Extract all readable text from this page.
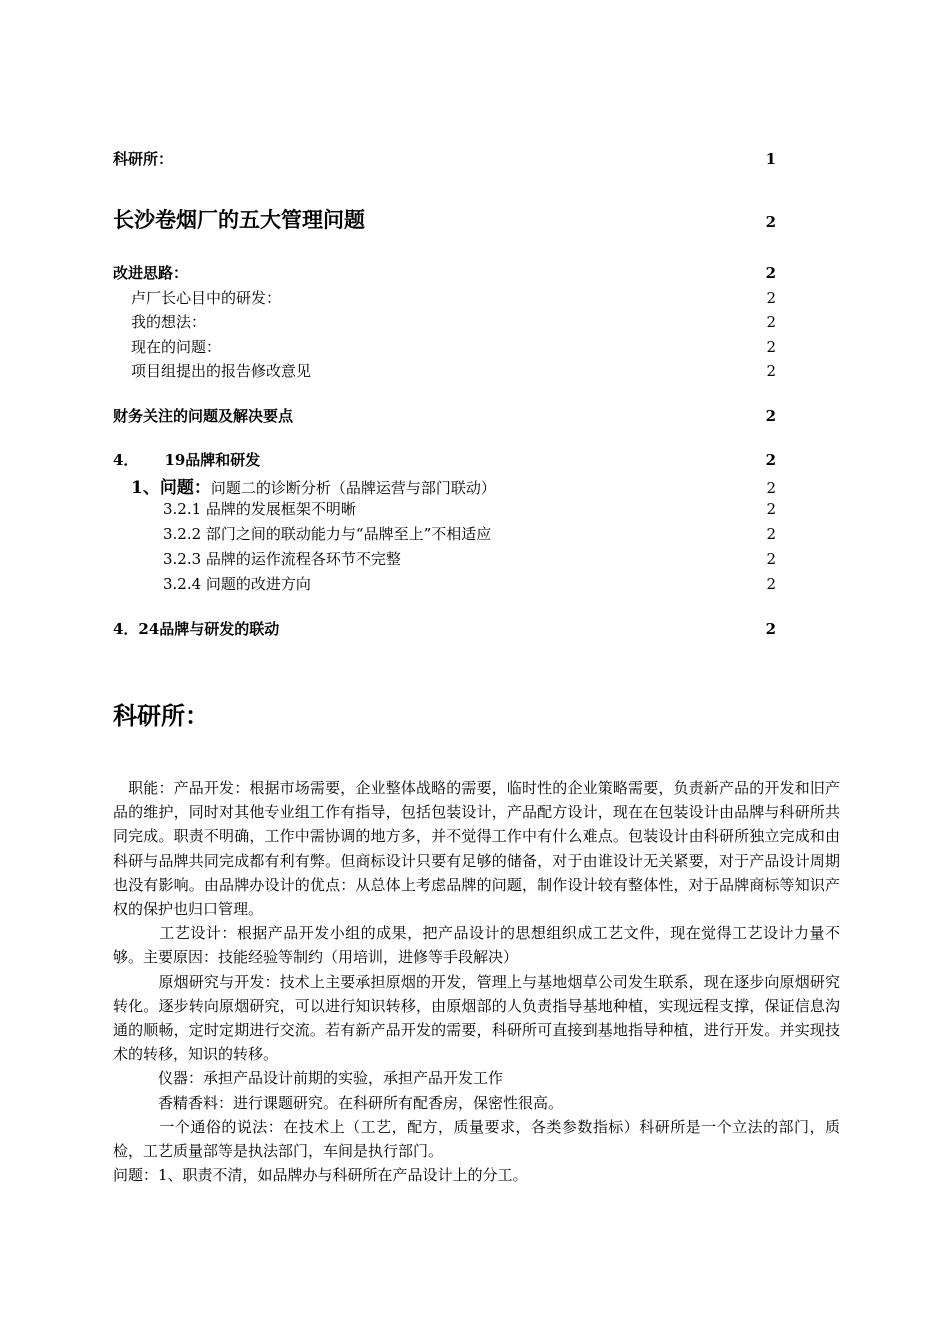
科研所：	1
长沙卷烟厂的五大管理问题	2
改进思路：	2
卢厂长心目中的研发：	2
我的想法：	2
现在的问题：	2
项目组提出的报告修改意见	2
财务关注的问题及解决要点	2
4． 19品牌和研发	2
1、问题：问题二的诊断分析（品牌运营与部门联动）	2
3.2.1 品牌的发展框架不明晰	2
3.2.2 部门之间的联动能力与“品牌至上”不相适应	2
3.2.3 品牌的运作流程各环节不完整	2
3.2.4 问题的改进方向	2
4．24品牌与研发的联动	2
科研所：

　职能：产品开发：根据市场需要，企业整体战略的需要，临时性的企业策略需要，负责新产品的开发和旧产品的维护，同时对其他专业组工作有指导，包括包装设计，产品配方设计，现在在包装设计由品牌与科研所共同完成。职责不明确，工作中需协调的地方多，并不觉得工作中有什么难点。包装设计由科研所独立完成和由科研与品牌共同完成都有利有弊。但商标设计只要有足够的储备，对于由谁设计无关紧要，对于产品设计周期也没有影响。由品牌办设计的优点：从总体上考虑品牌的问题，制作设计较有整体性，对于品牌商标等知识产权的保护也归口管理。

　　　工艺设计：根据产品开发小组的成果，把产品设计的思想组织成工艺文件，现在觉得工艺设计力量不够。主要原因：技能经验等制约（用培训，进修等手段解决）

　　　原烟研究与开发：技术上主要承担原烟的开发，管理上与基地烟草公司发生联系，现在逐步向原烟研究转化。逐步转向原烟研究，可以进行知识转移，由原烟部的人负责指导基地种植，实现远程支撑，保证信息沟通的顺畅，定时定期进行交流。若有新产品开发的需要，科研所可直接到基地指导种植，进行开发。并实现技术的转移，知识的转移。

　　　仪器：承担产品设计前期的实验，承担产品开发工作

　　　香精香料：进行课题研究。在科研所有配香房，保密性很高。

　　　一个通俗的说法：在技术上（工艺，配方，质量要求，各类参数指标）科研所是一个立法的部门，质检，工艺质量部等是执法部门，车间是执行部门。

问题：1、职责不清，如品牌办与科研所在产品设计上的分工。
